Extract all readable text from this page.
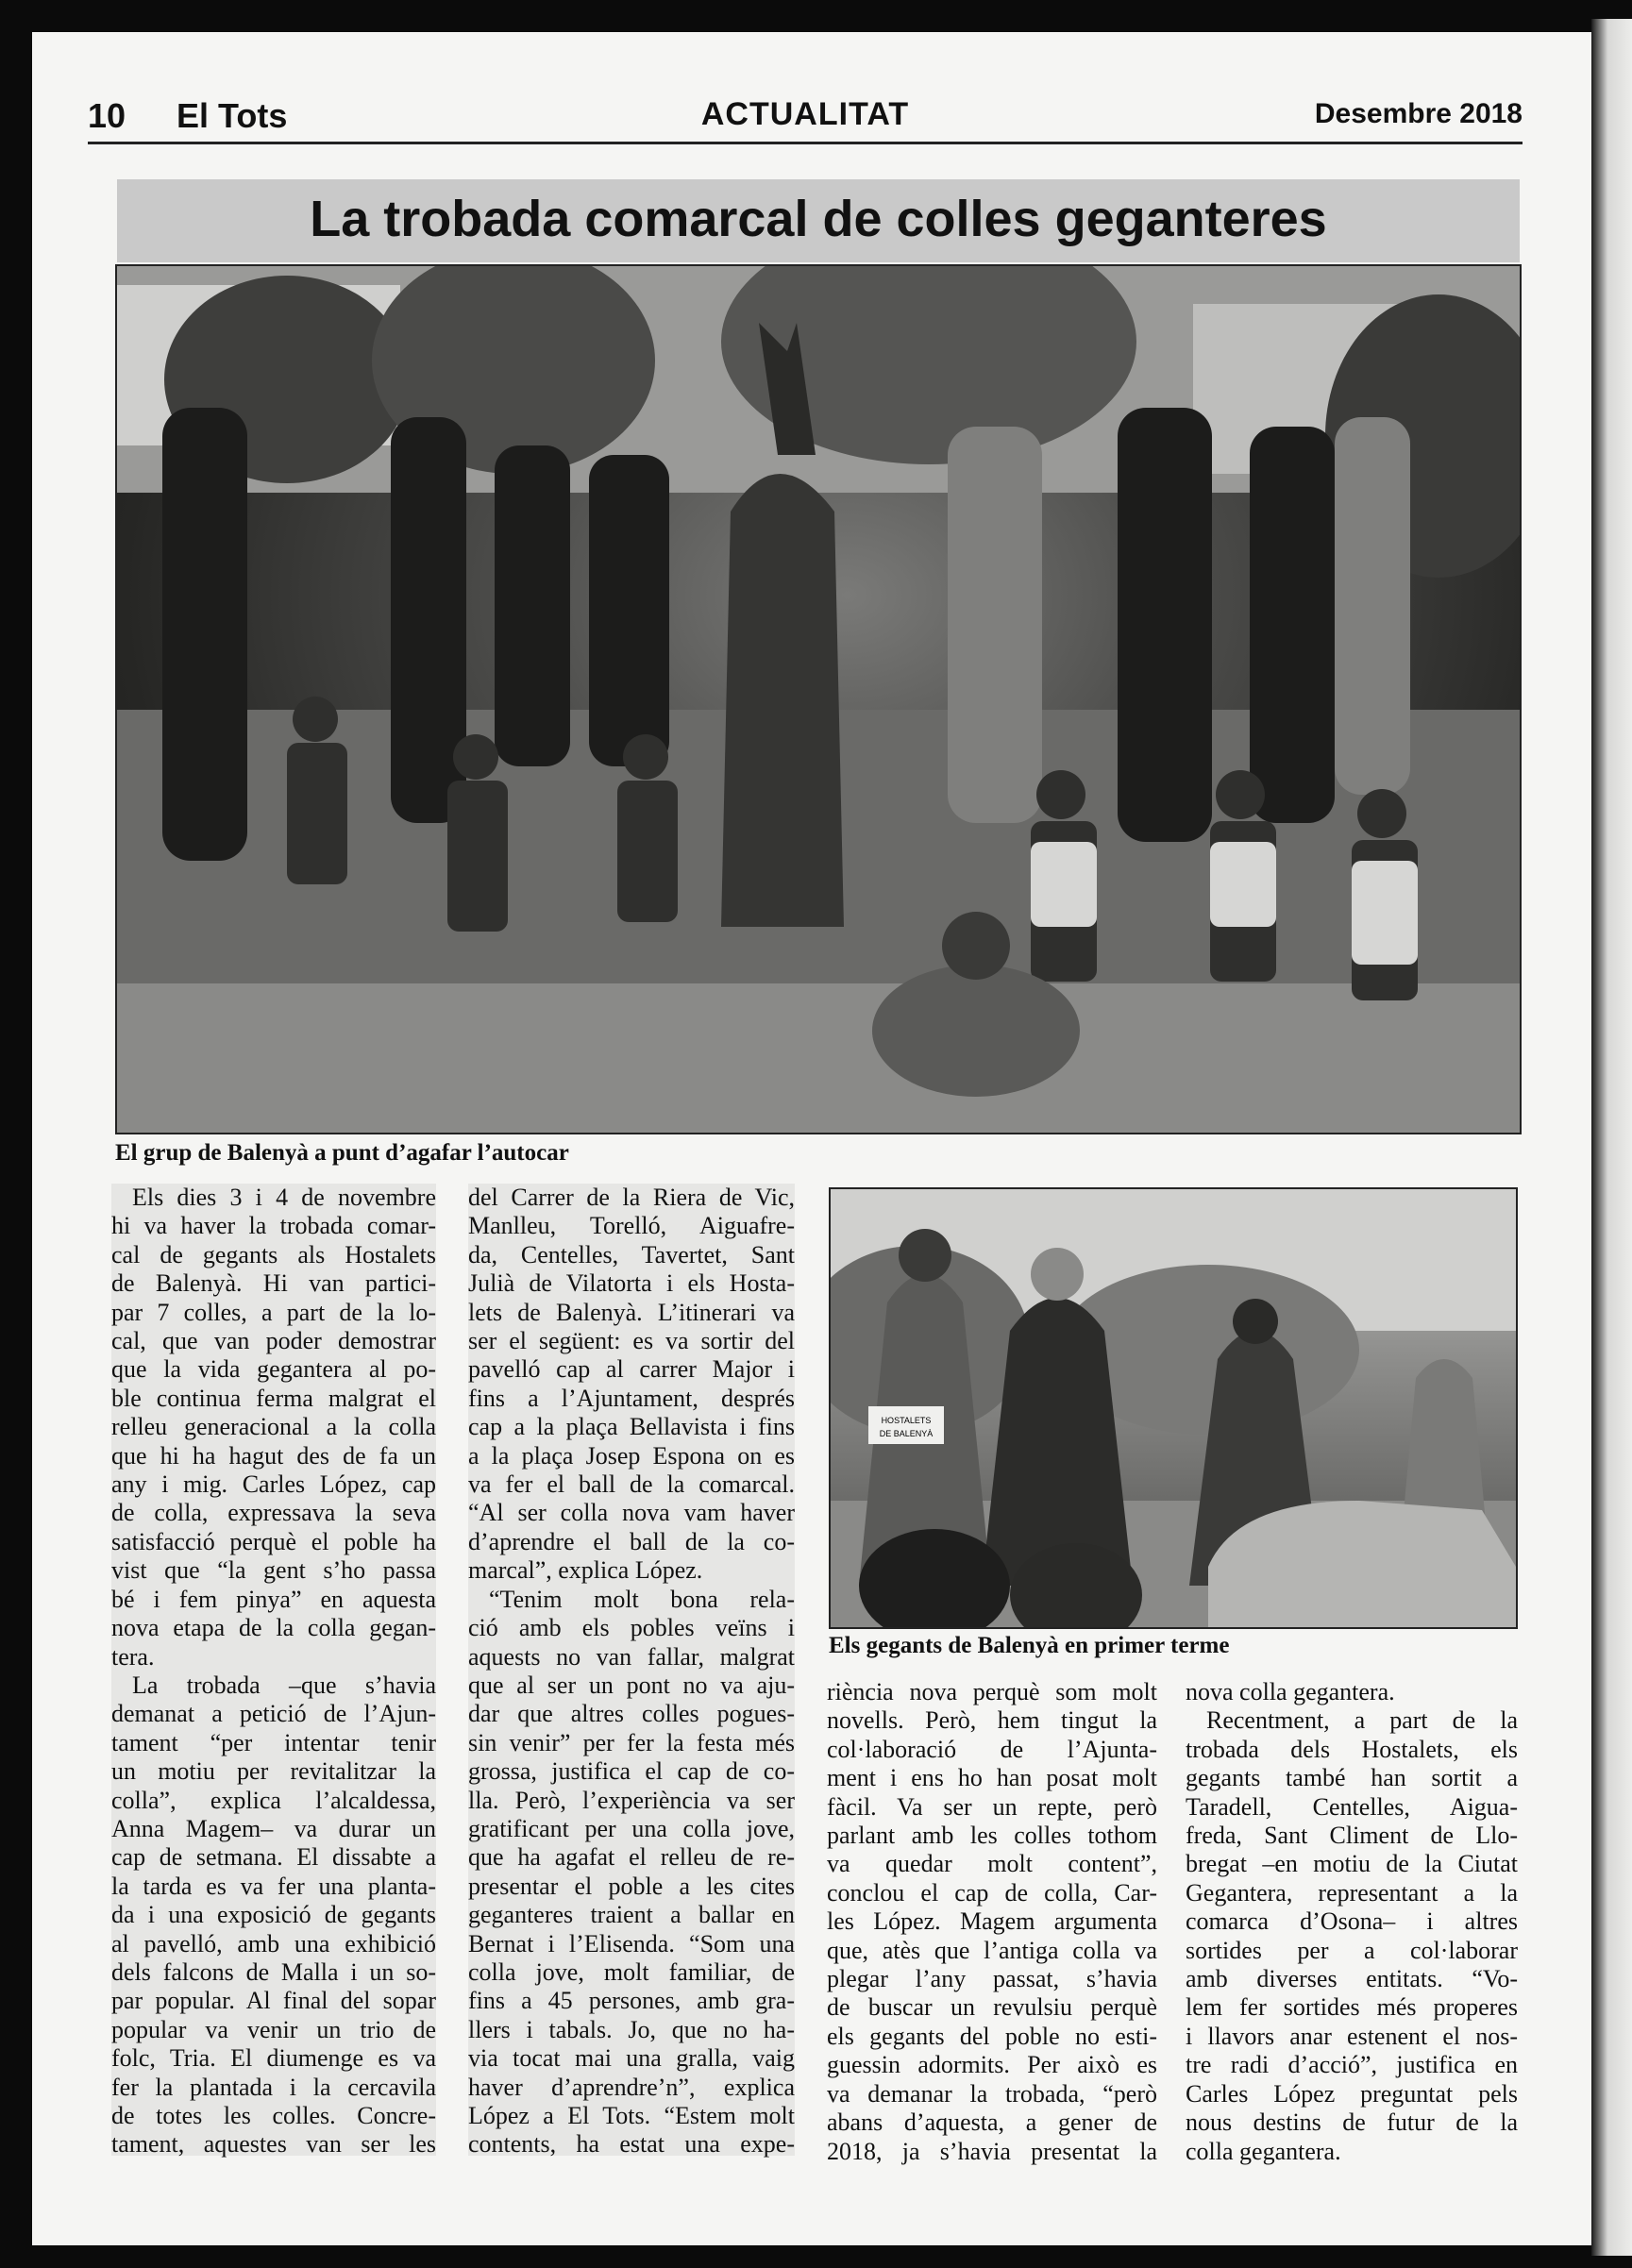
10 El Tots	ACTUALITAT	Desembre 2018
La trobada comarcal de colles geganteres
El grup de Balenyà a punt d’agafar l’autocar
Els dies 3 i 4 de novembre
hi va haver la trobada comar-
cal de gegants als Hostalets
de Balenyà. Hi van partici-
par 7 colles, a part de la lo-
cal, que van poder demostrar
que la vida gegantera al po-
ble continua ferma malgrat el
relleu generacional a la colla
que hi ha hagut des de fa un
any i mig. Carles López, cap
de colla, expressava la seva
satisfacció perquè el poble ha
vist que “la gent s’ho passa
bé i fem pinya” en aquesta
nova etapa de la colla gegan-
tera.
La trobada –que s’havia
demanat a petició de l’Ajun-
tament “per intentar tenir
un motiu per revitalitzar la
colla”, explica l’alcaldessa,
Anna Magem– va durar un
cap de setmana. El dissabte a
la tarda es va fer una planta-
da i una exposició de gegants
al pavelló, amb una exhibició
dels falcons de Malla i un so-
par popular. Al final del sopar
popular va venir un trio de
folc, Tria. El diumenge es va
fer la plantada i la cercavila
de totes les colles. Concre-
tament, aquestes van ser les
del Carrer de la Riera de Vic,
Manlleu, Torelló, Aiguafre-
da, Centelles, Tavertet, Sant
Julià de Vilatorta i els Hosta-
lets de Balenyà. L’itinerari va
ser el següent: es va sortir del
pavelló cap al carrer Major i
fins a l’Ajuntament, després
cap a la plaça Bellavista i fins
a la plaça Josep Espona on es
va fer el ball de la comarcal.
“Al ser colla nova vam haver
d’aprendre el ball de la co-
marcal”, explica López.
“Tenim molt bona rela-
ció amb els pobles veïns i
aquests no van fallar, malgrat
que al ser un pont no va aju-
dar que altres colles pogues-
sin venir” per fer la festa més
grossa, justifica el cap de co-
lla. Però, l’experiència va ser
gratificant per una colla jove,
que ha agafat el relleu de re-
presentar el poble a les cites
geganteres traient a ballar en
Bernat i l’Elisenda. “Som una
colla jove, molt familiar, de
fins a 45 persones, amb gra-
llers i tabals. Jo, que no ha-
via tocat mai una gralla, vaig
haver d’aprendre’n”, explica
López a El Tots. “Estem molt
contents, ha estat una expe-
HOSTALETS
DE BALENYÀ
Els gegants de Balenyà en primer terme
riència nova perquè som molt
novells. Però, hem tingut la
col·laboració de l’Ajunta-
ment i ens ho han posat molt
fàcil. Va ser un repte, però
parlant amb les colles tothom
va quedar molt content”,
conclou el cap de colla, Car-
les López. Magem argumenta
que, atès que l’antiga colla va
plegar l’any passat, s’havia
de buscar un revulsiu perquè
els gegants del poble no esti-
guessin adormits. Per això es
va demanar la trobada, “però
abans d’aquesta, a gener de
2018, ja s’havia presentat la
nova colla gegantera.
Recentment, a part de la
trobada dels Hostalets, els
gegants també han sortit a
Taradell, Centelles, Aigua-
freda, Sant Climent de Llo-
bregat –en motiu de la Ciutat
Gegantera, representant a la
comarca d’Osona– i altres
sortides per a col·laborar
amb diverses entitats. “Vo-
lem fer sortides més properes
i llavors anar estenent el nos-
tre radi d’acció”, justifica en
Carles López preguntat pels
nous destins de futur de la
colla gegantera.
